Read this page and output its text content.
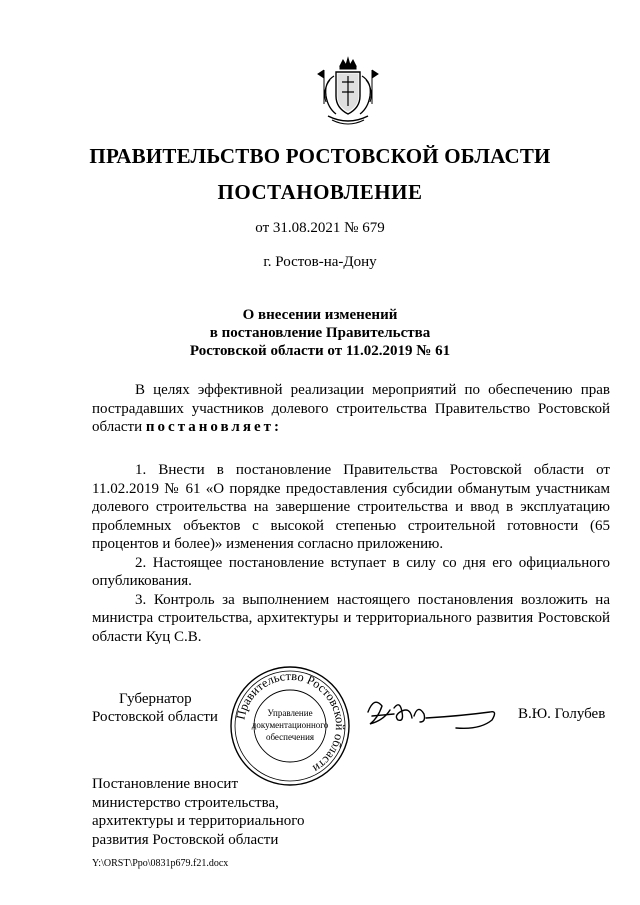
ПРАВИТЕЛЬСТВО РОСТОВСКОЙ ОБЛАСТИ
ПОСТАНОВЛЕНИЕ
от 31.08.2021 № 679
г. Ростов-на-Дону
О внесении изменений
в постановление Правительства
Ростовской области от 11.02.2019 № 61

В целях эффективной реализации мероприятий по обеспечению прав пострадавших участников долевого строительства Правительство Ростовской области постановляет:

1. Внести в постановление Правительства Ростовской области от 11.02.2019 № 61 «О порядке предоставления субсидии обманутым участникам долевого строительства на завершение строительства и ввод в эксплуатацию проблемных объектов с высокой степенью строительной готовности (65 процентов и более)» изменения согласно приложению.

2. Настоящее постановление вступает в силу со дня его официального опубликования.

3. Контроль за выполнением настоящего постановления возложить на министра строительства, архитектуры и территориального развития Ростовской области Куц С.В.

Губернатор
Ростовской области Правительство Ростовской области
Управление
документационного
обеспечения
В.Ю. Голубев
Постановление вносит
министерство строительства,
архитектуры и территориального
развития Ростовской области
Y:\ORST\Ppo\0831p679.f21.docx
